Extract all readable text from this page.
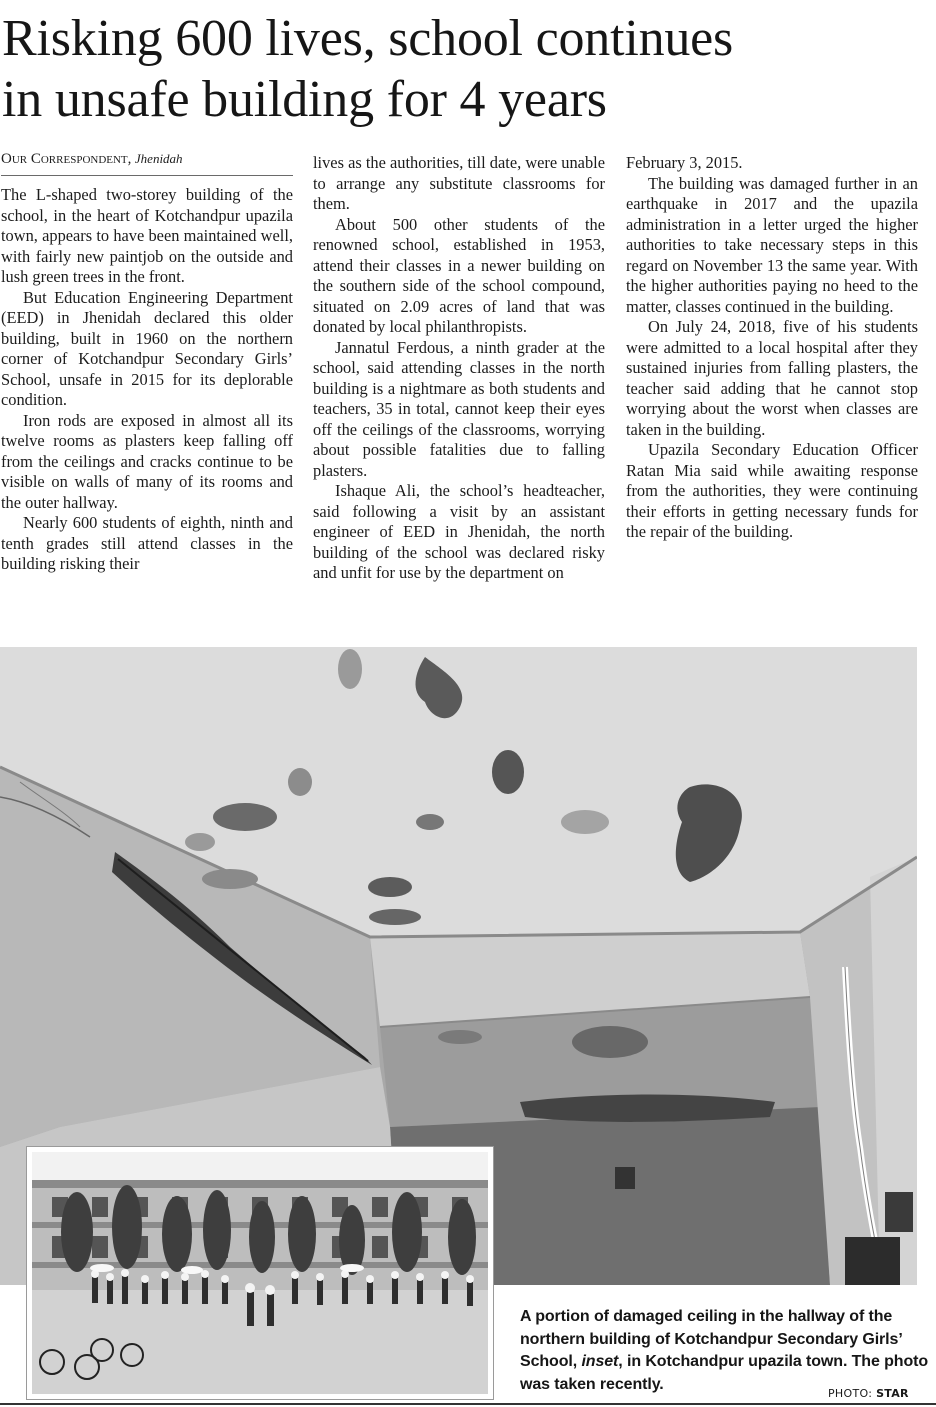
Risking 600 lives, school continues
in unsafe building for 4 years
Our Correspondent, Jhenidah

The L-shaped two-storey building of the school, in the heart of Kotchandpur upazila town, appears to have been maintained well, with fairly new paintjob on the outside and lush green trees in the front.

But Education Engineering Department (EED) in Jhenidah declared this older building, built in 1960 on the northern corner of Kotchandpur Secondary Girls’ School, unsafe in 2015 for its deplorable condition.

Iron rods are exposed in almost all its twelve rooms as plasters keep falling off from the ceilings and cracks continue to be visible on walls of many of its rooms and the outer hallway.

Nearly 600 students of eighth, ninth and tenth grades still attend classes in the building risking their

lives as the authorities, till date, were unable to arrange any substitute classrooms for them.

About 500 other students of the renowned school, established in 1953, attend their classes in a newer building on the southern side of the school compound, situated on 2.09 acres of land that was donated by local philanthropists.

Jannatul Ferdous, a ninth grader at the school, said attending classes in the north building is a nightmare as both students and teachers, 35 in total, cannot keep their eyes off the ceilings of the classrooms, worrying about possible fatalities due to falling plasters.

Ishaque Ali, the school’s headteacher, said following a visit by an assistant engineer of EED in Jhenidah, the north building of the school was declared risky and unfit for use by the department on

February 3, 2015.

The building was damaged further in an earthquake in 2017 and the upazila administration in a letter urged the higher authorities to take necessary steps in this regard on November 13 the same year. With the higher authorities paying no heed to the matter, classes continued in the building.

On July 24, 2018, five of his students were admitted to a local hospital after they sustained injuries from falling plasters, the teacher said adding that he cannot stop worrying about the worst when classes are taken in the building.

Upazila Secondary Education Officer Ratan Mia said while awaiting response from the authorities, they were continuing their efforts in getting necessary funds for the repair of the building.

A portion of damaged ceiling in the hallway of the northern building of Kotchandpur Secondary Girls’ School, inset, in Kotchandpur upazila town. The photo was taken recently.
PHOTO: STAR
